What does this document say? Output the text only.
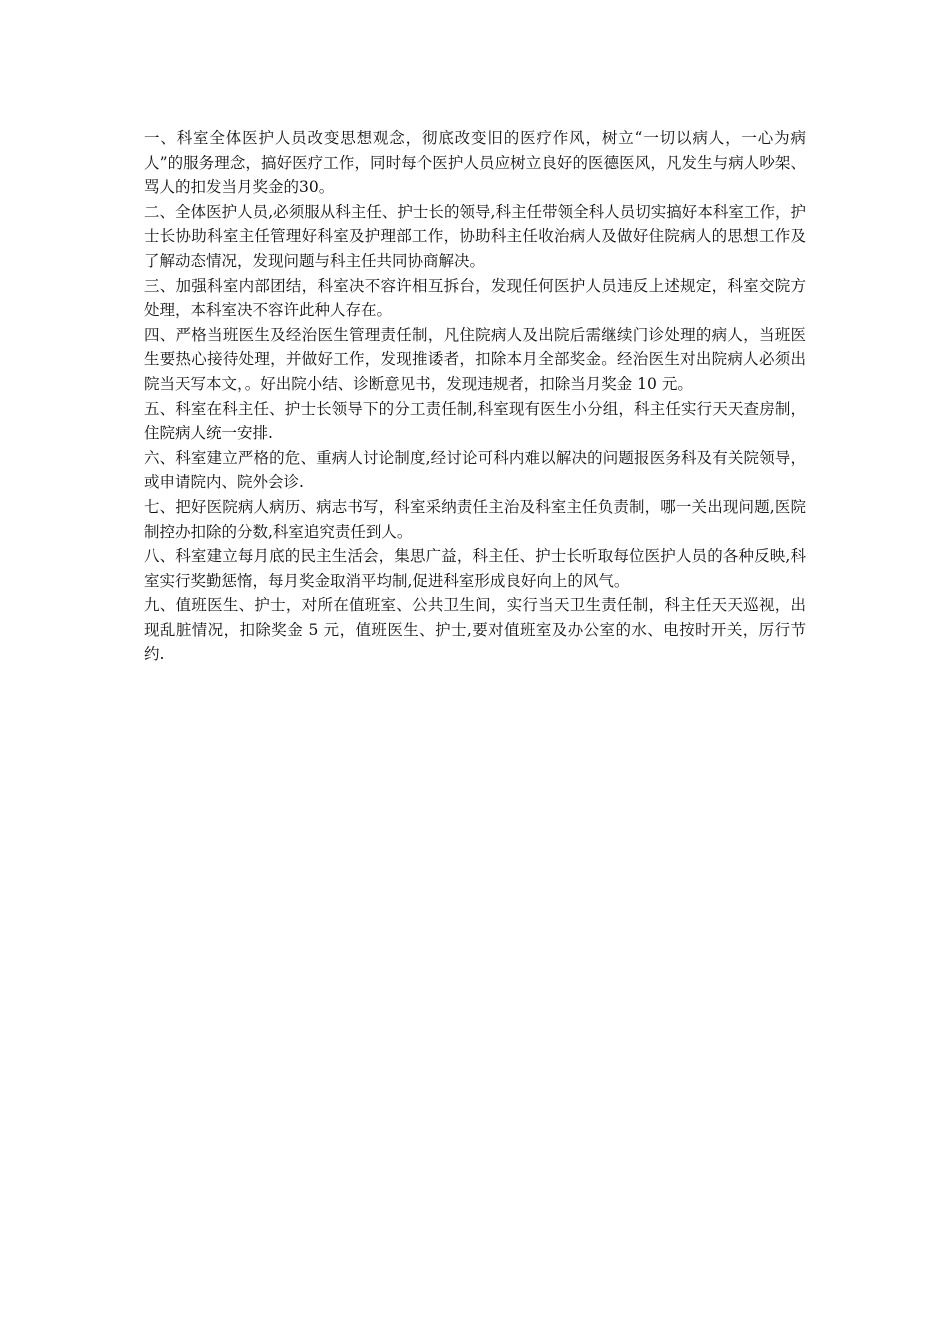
一、科室全体医护人员改变思想观念，彻底改变旧的医疗作风，树立“一切以病人，一心为病人”的服务理念，搞好医疗工作，同时每个医护人员应树立良好的医德医风，凡发生与病人吵架、骂人的扣发当月奖金的30。

二、全体医护人员,必须服从科主任、护士长的领导,科主任带领全科人员切实搞好本科室工作，护士长协助科室主任管理好科室及护理部工作，协助科主任收治病人及做好住院病人的思想工作及了解动态情况，发现问题与科主任共同协商解决。

三、加强科室内部团结，科室决不容许相互拆台，发现任何医护人员违反上述规定，科室交院方处理，本科室决不容许此种人存在。

四、严格当班医生及经治医生管理责任制，凡住院病人及出院后需继续门诊处理的病人，当班医生要热心接待处理，并做好工作，发现推诿者，扣除本月全部奖金。经治医生对出院病人必须出院当天写本文，。好出院小结、诊断意见书，发现违规者，扣除当月奖金 10 元。

五、科室在科主任、护士长领导下的分工责任制,科室现有医生小分组，科主任实行天天查房制，住院病人统一安排.

六、科室建立严格的危、重病人讨论制度,经讨论可科内难以解决的问题报医务科及有关院领导，或申请院内、院外会诊.

七、把好医院病人病历、病志书写，科室采纳责任主治及科室主任负责制，哪一关出现问题,医院制控办扣除的分数,科室追究责任到人。

八、科室建立每月底的民主生活会，集思广益，科主任、护士长听取每位医护人员的各种反映,科室实行奖勤惩惰，每月奖金取消平均制,促进科室形成良好向上的风气。

九、值班医生、护士，对所在值班室、公共卫生间，实行当天卫生责任制，科主任天天巡视，出现乱脏情况，扣除奖金 5 元，值班医生、护士,要对值班室及办公室的水、电按时开关，厉行节约.
